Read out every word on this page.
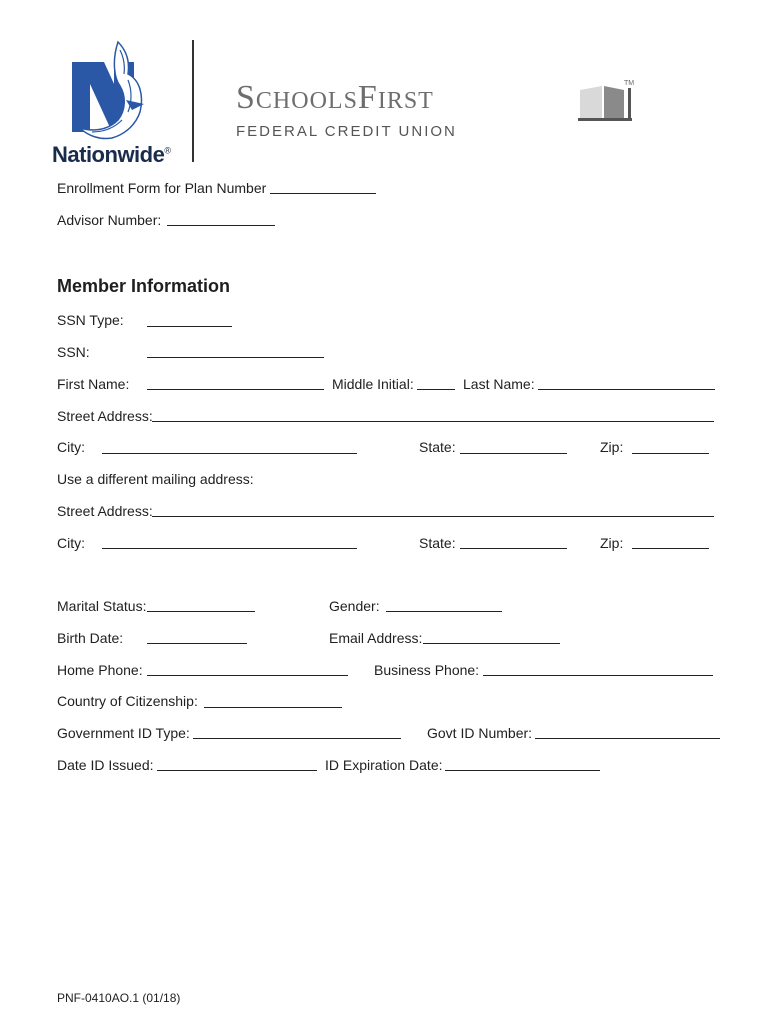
Nationwide®
SchoolsFirst	TM
FEDERAL CREDIT UNION
Enrollment Form for Plan Number
Advisor Number:
Member Information
SSN Type:
SSN:
First Name:	Middle Initial:	Last Name:
Street Address:
City:	State:	Zip:
Use a different mailing address:
Street Address:
City:	State:	Zip:
Marital Status:	Gender:
Birth Date:	Email Address:
Home Phone:	Business Phone:
Country of Citizenship:
Government ID Type:	Govt ID Number:
Date ID Issued:	ID Expiration Date:
PNF-0410AO.1 (01/18)
